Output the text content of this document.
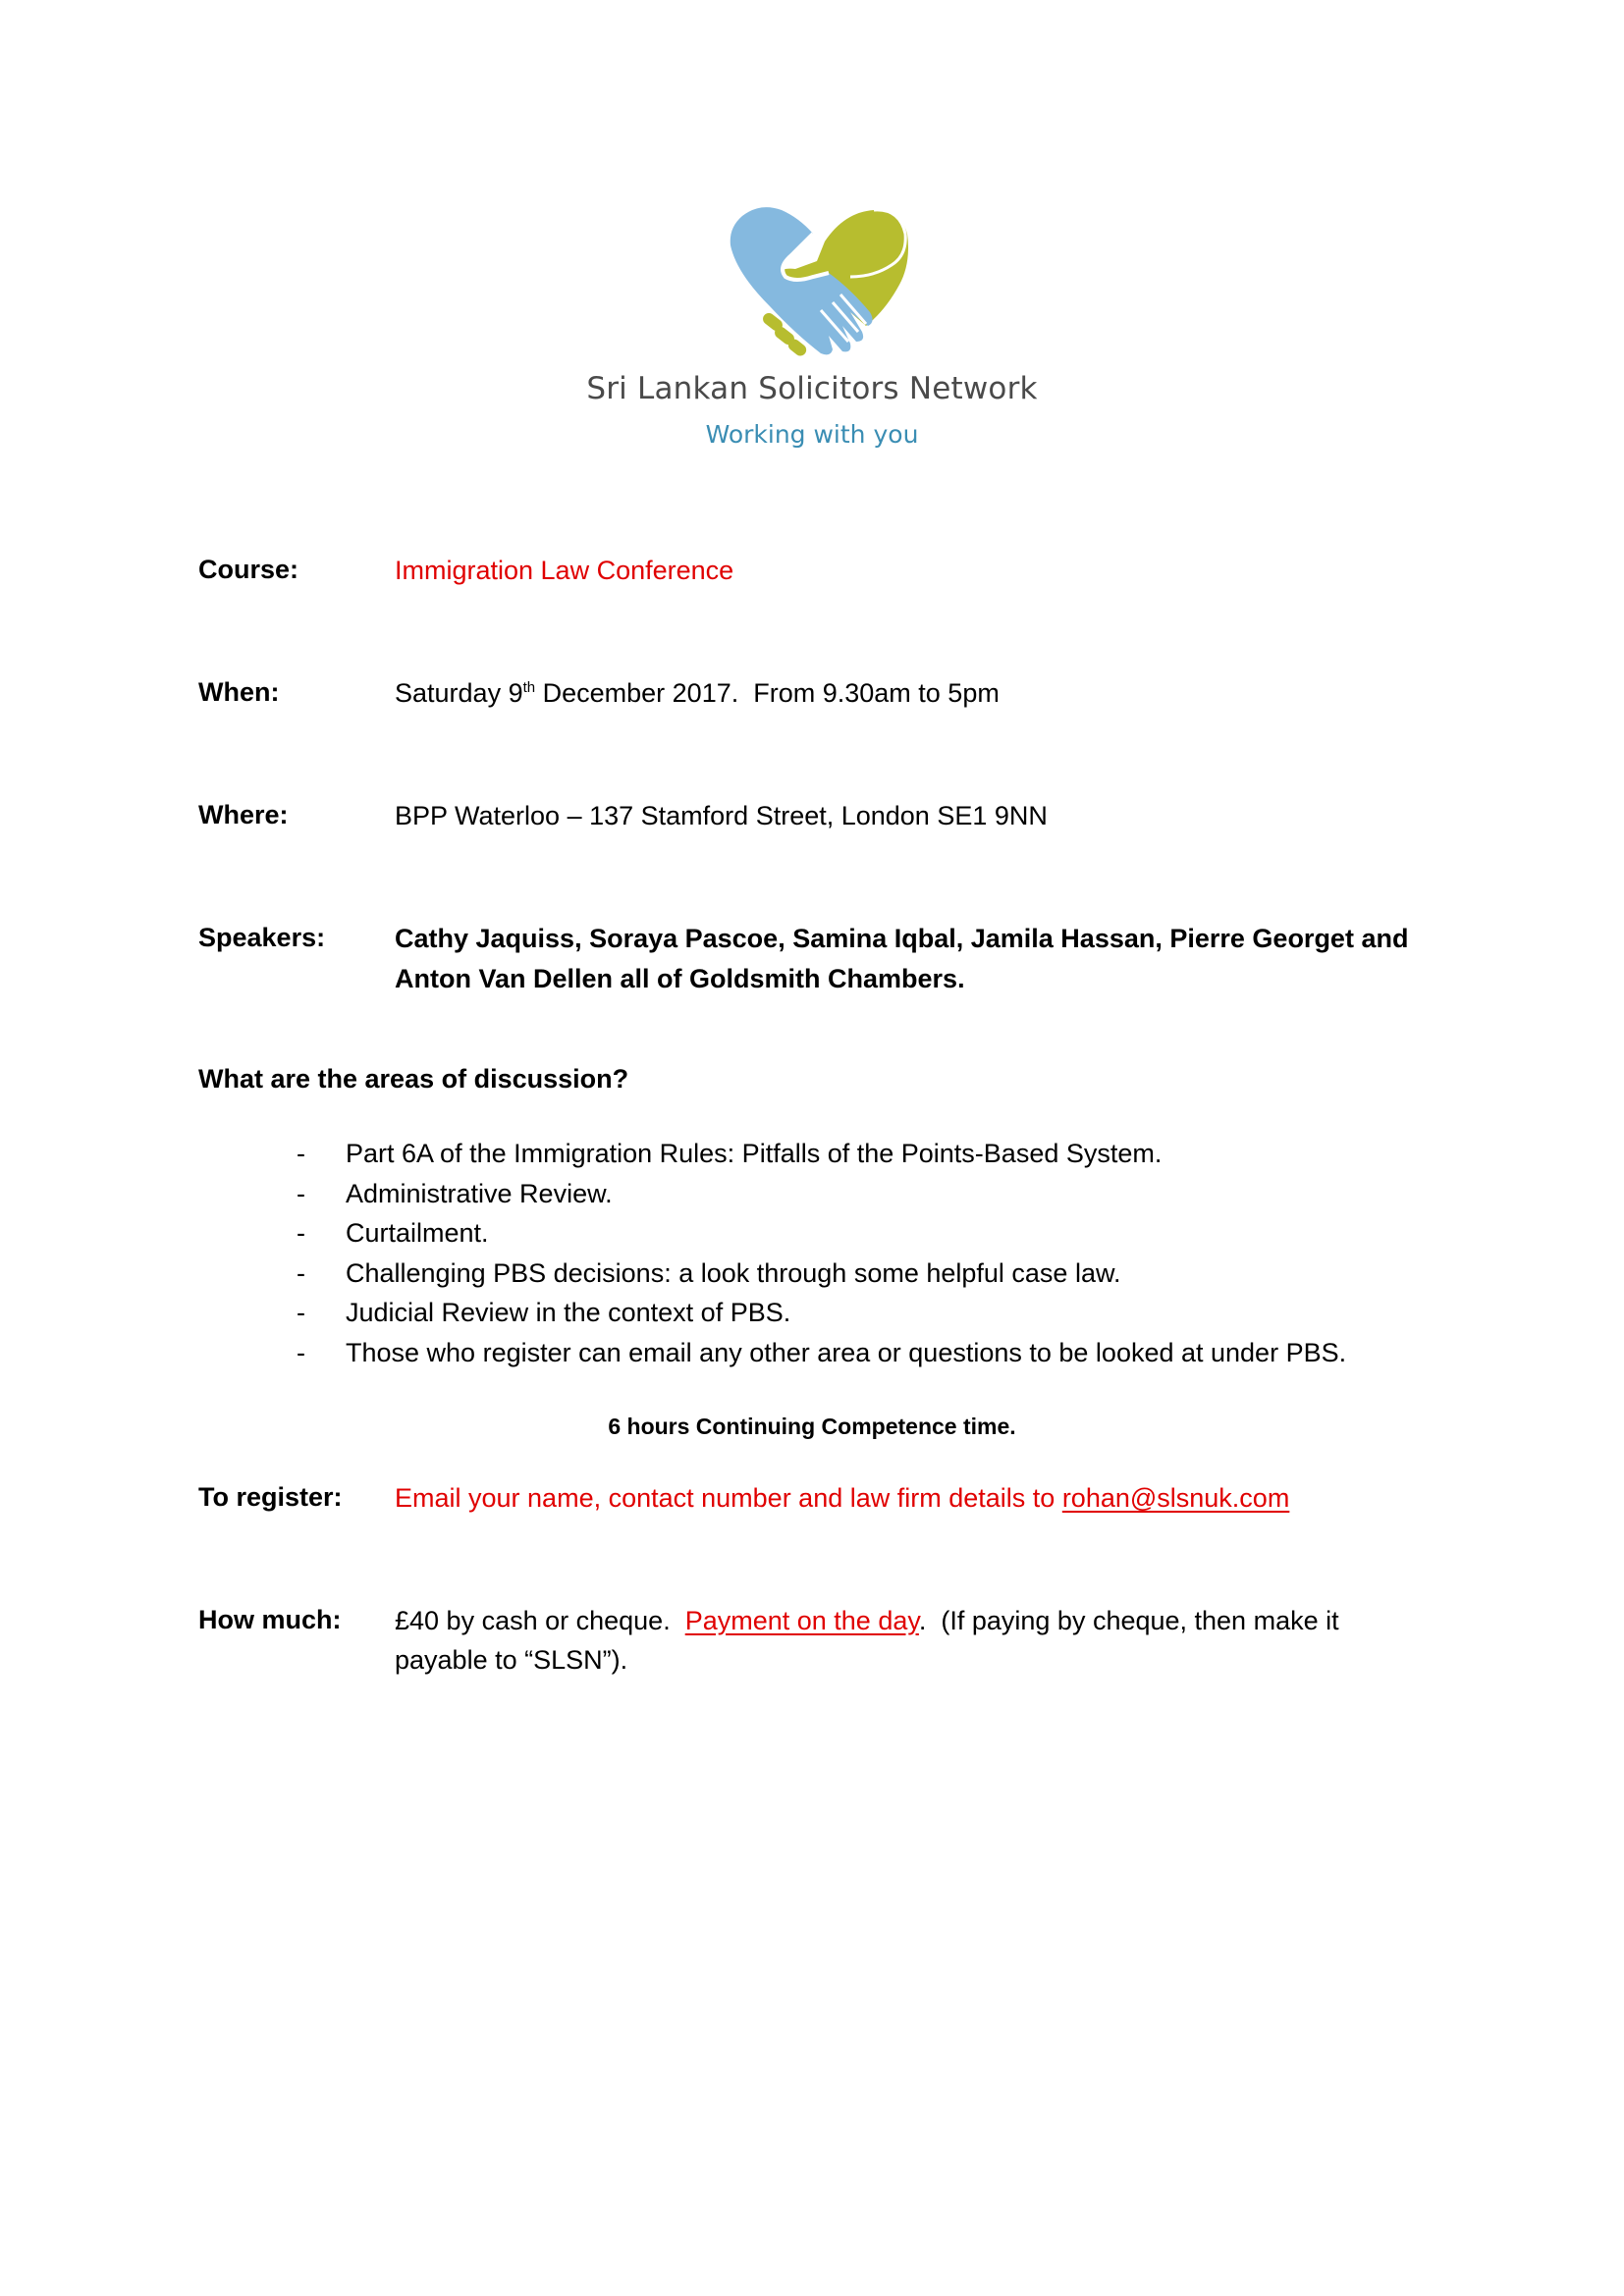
Sri Lankan Solicitors Network
Working with you
Course:	Immigration Law Conference
When:	Saturday 9th December 2017.  From 9.30am to 5pm
Where:	BPP Waterloo – 137 Stamford Street, London SE1 9NN
Speakers:	Cathy Jaquiss, Soraya Pascoe, Samina Iqbal, Jamila Hassan, Pierre Georget and
Anton Van Dellen all of Goldsmith Chambers.
What are the areas of discussion?
- Part 6A of the Immigration Rules: Pitfalls of the Points-Based System.
- Administrative Review.
- Curtailment.
- Challenging PBS decisions: a look through some helpful case law.
- Judicial Review in the context of PBS.
- Those who register can email any other area or questions to be looked at under PBS.
6 hours Continuing Competence time.
To register: Email your name, contact number and law firm details to rohan@slsnuk.com
How much: £40 by cash or cheque.  Payment on the day.  (If paying by cheque, then make it
payable to “SLSN”).
